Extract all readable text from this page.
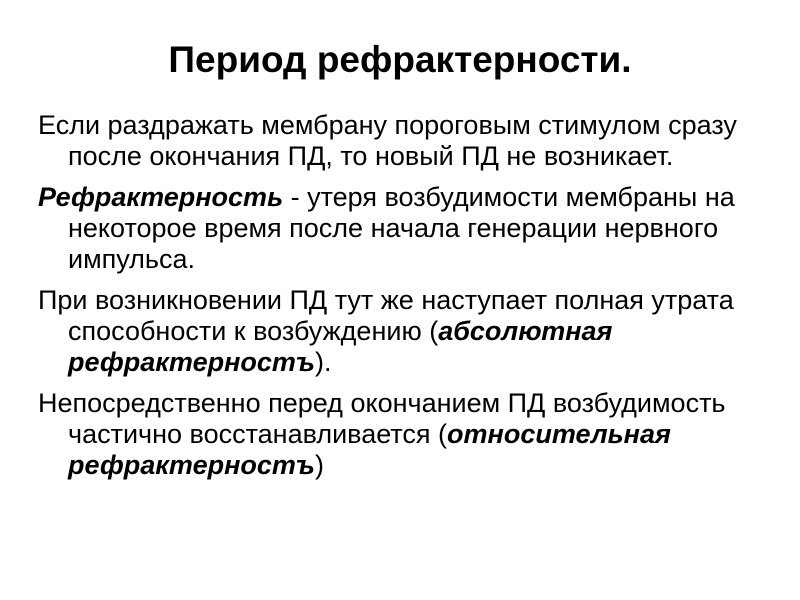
Период рефрактерности.

Если раздражать мембрану пороговым стимулом сразу после окончания ПД, то новый ПД не возникает.

Рефрактерность - утеря возбудимости мембраны на некоторое время после начала генерации нервного импульса.

При возникновении ПД тут же наступает полная утрата способности к возбуждению (абсолютная рефрактерностъ).

Непосредственно перед окончанием ПД возбудимость частично восстанавливается (относительная рефрактерностъ)
